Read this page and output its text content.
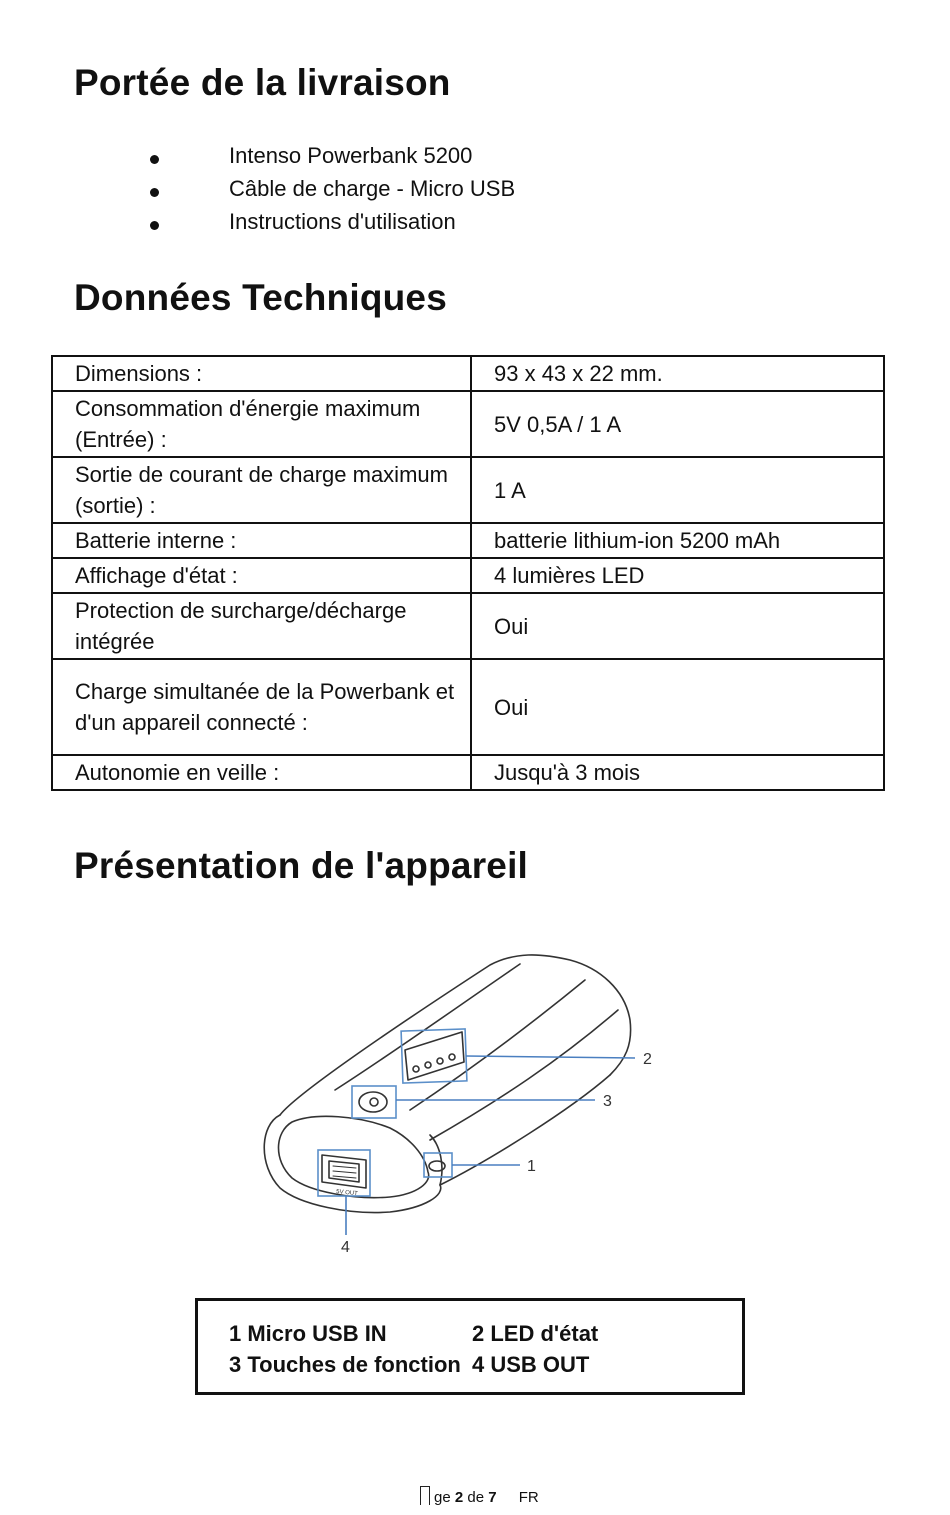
Portée de la livraison
Intenso Powerbank 5200
Câble de charge - Micro USB
Instructions d'utilisation
Données Techniques
Dimensions :	93 x 43 x 22 mm.
Consommation d'énergie maximum (Entrée) :	5V 0,5A / 1 A
Sortie de courant de charge maximum (sortie) :	1 A
Batterie interne :	batterie lithium-ion 5200 mAh
Affichage d'état :	4 lumières LED
Protection de surcharge/décharge intégrée	Oui
Charge simultanée de la Powerbank et d'un appareil connecté :	Oui
Autonomie en veille :	Jusqu'à 3 mois
Présentation de l'appareil
2
3
1
4
5V OUT
1 Micro USB IN	2 LED d'état
3 Touches de fonction 4 USB OUT
ge 2 de 7 FR
